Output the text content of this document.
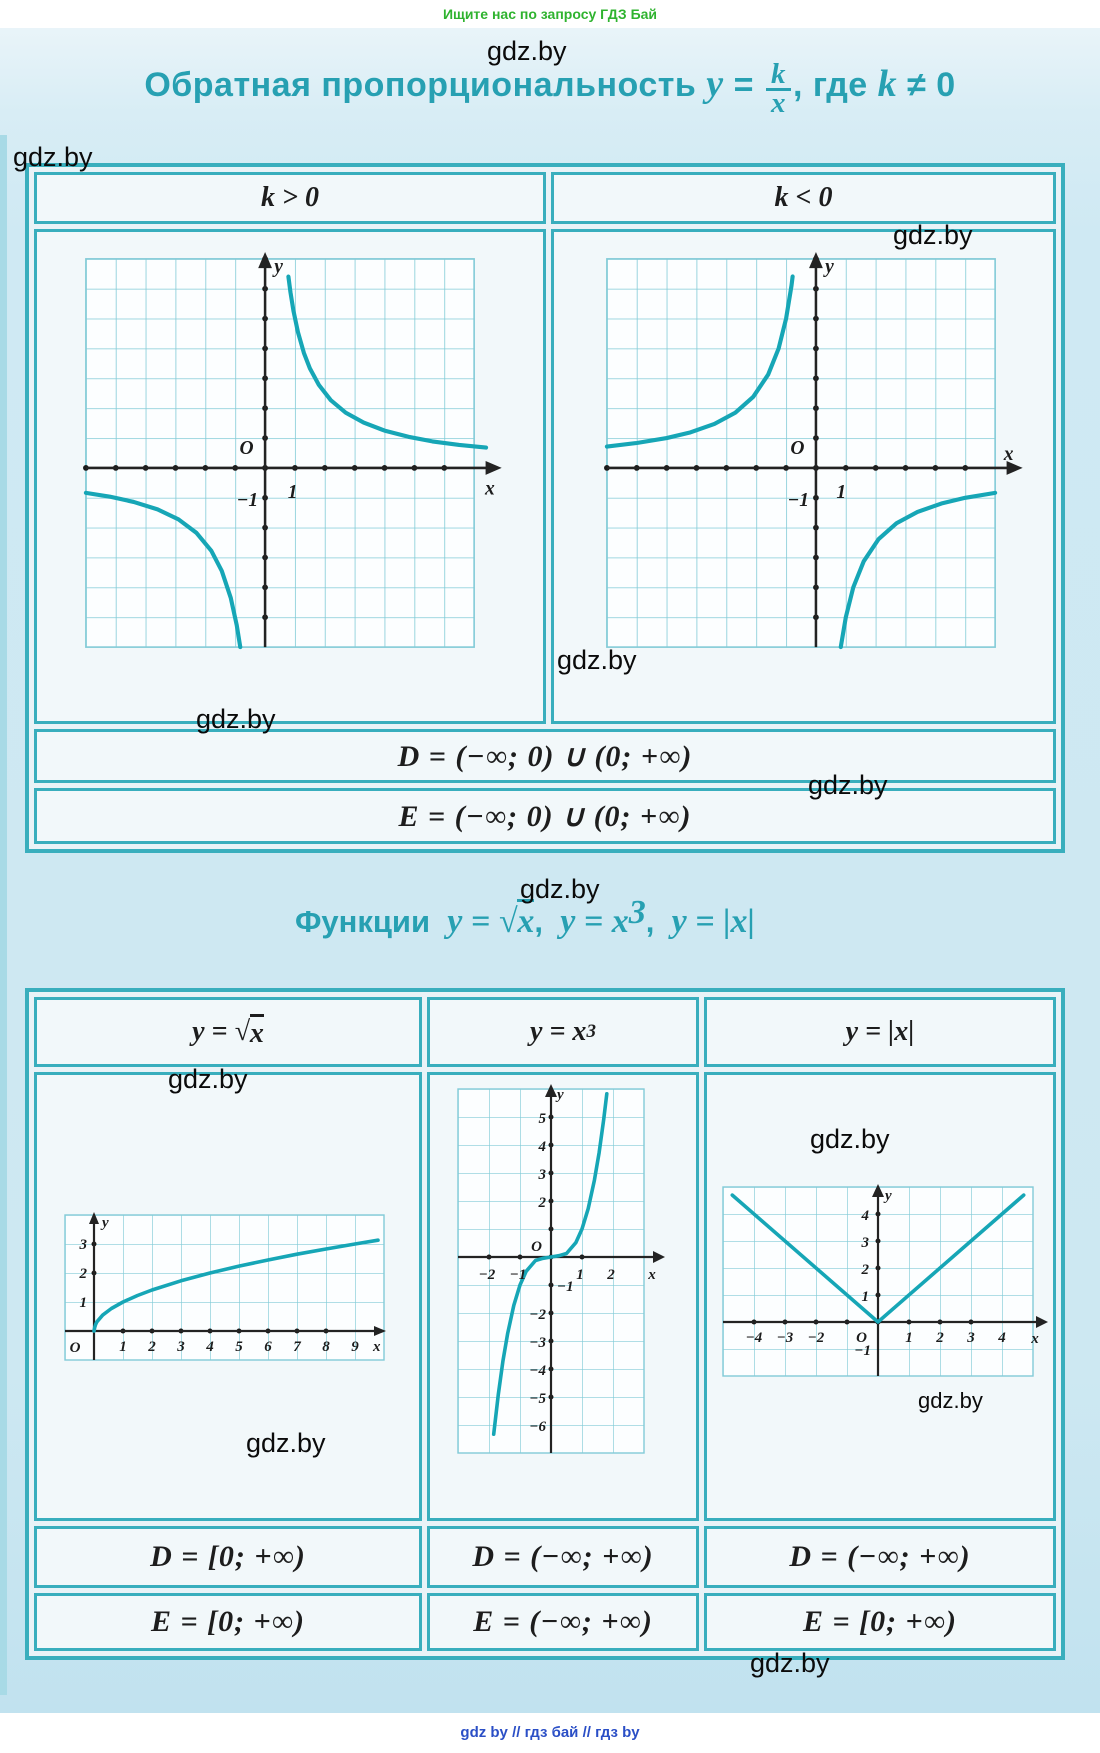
Ищите нас по запросу ГДЗ Бай
Обратная пропорциональность $y = \frac{k}{x}$ , где k ≠ 0
k > 0	k < 0
y
O
1
−1
x
y
O
1
−1
x
D = (−∞; 0) ∪ (0; +∞)
E = (−∞; 0) ∪ (0; +∞)
Функции y = √x, $y = x^3$, y = |x|
y = √ x	y = x 3	y = |x|
y
O
1
2
3
1 2 3 4 5 6 7 8 9 x
y
O
2
3
4
5
−1
−2
−3
−4
−5
−6
−2 −1	1 2 x
y
O
4
3
2
1
−1
−4 −3 −2	1 2 3 4 x
D = [0; +∞)	D = (−∞; +∞)	D = (−∞; +∞)
E = [0; +∞)	E = (−∞; +∞)	E = [0; +∞)
gdz.by
gdz.by
gdz.by
gdz.by
gdz.by
gdz.by
gdz.by
gdz.by
gdz.by
gdz.by
gdz.by
gdz.by
gdz by // гдз бай // гдз by
